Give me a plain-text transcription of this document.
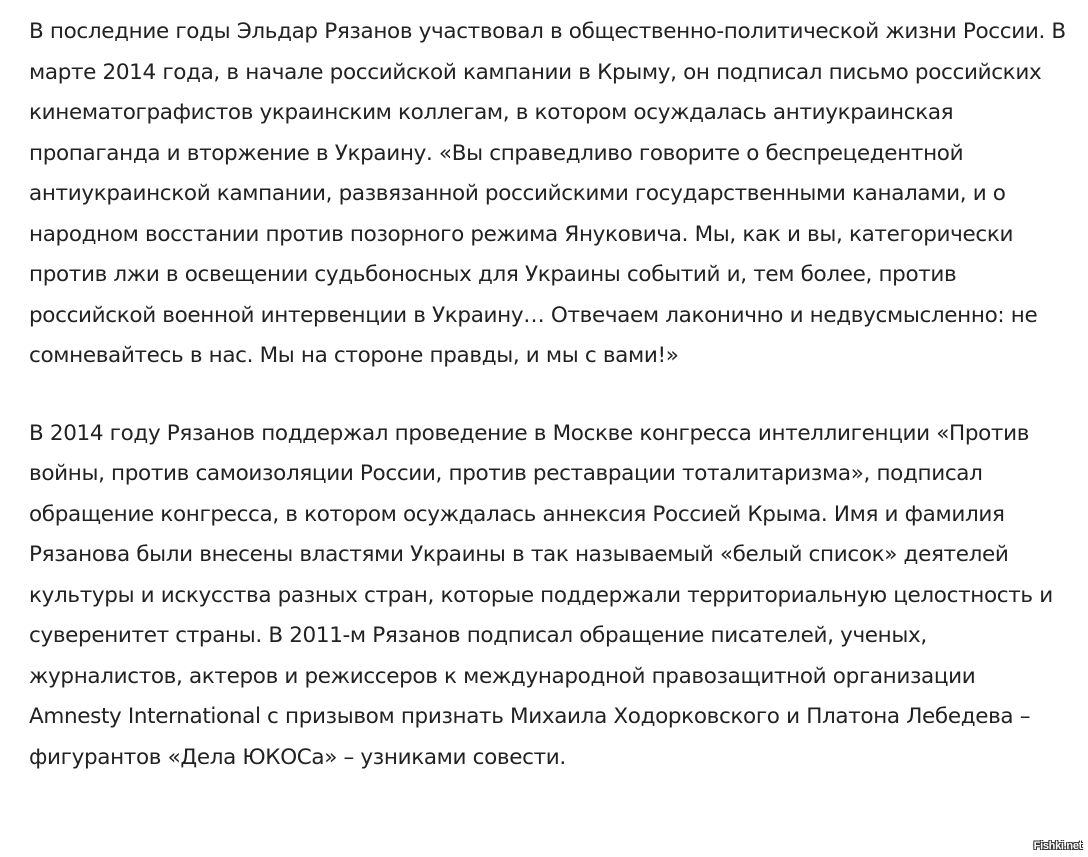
В последние годы Эльдар Рязанов участвовал в общественно-политической жизни России. В марте 2014 года, в начале российской кампании в Крыму, он подписал письмо российских кинематографистов украинским коллегам, в котором осуждалась антиукраинская пропаганда и вторжение в Украину. «Вы справедливо говорите о беспрецедентной антиукраинской кампании, развязанной российскими государственными каналами, и о народном восстании против позорного режима Януковича. Мы, как и вы, категорически против лжи в освещении судьбоносных для Украины событий и, тем более, против российской военной интервенции в Украину… Отвечаем лаконично и недвусмысленно: не сомневайтесь в нас. Мы на стороне правды, и мы с вами!»

В 2014 году Рязанов поддержал проведение в Москве конгресса интеллигенции «Против войны, против самоизоляции России, против реставрации тоталитаризма», подписал обращение конгресса, в котором осуждалась аннексия Россией Крыма. Имя и фамилия Рязанова были внесены властями Украины в так называемый «белый список» деятелей культуры и искусства разных стран, которые поддержали территориальную целостность и суверенитет страны. В 2011-м Рязанов подписал обращение писателей, ученых, журналистов, актеров и режиссеров к международной правозащитной организации Amnesty International с призывом признать Михаила Ходорковского и Платона Лебедева – фигурантов «Дела ЮКОСа» – узниками совести.

Fishki.net
